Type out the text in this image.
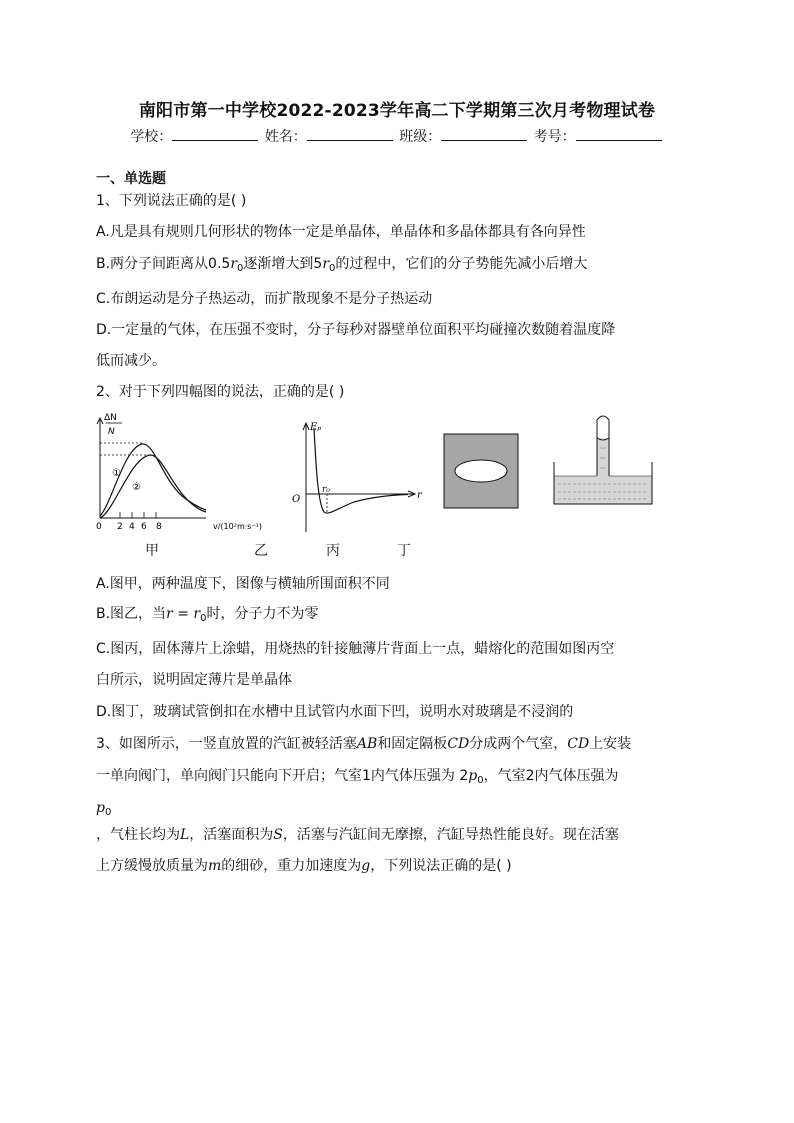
南阳市第一中学校2022-2023学年高二下学期第三次月考物理试卷
学校：	姓名：	班级：	考号：
一、单选题
1、下列说法正确的是( )
A.凡是具有规则几何形状的物体一定是单晶体，单晶体和多晶体都具有各向异性
B.两分子间距离从$0.5r_0$逐渐增大到$5r_0$的过程中，它们的分子势能先减小后增大
C.布朗运动是分子热运动，而扩散现象不是分子热运动
D.一定量的气体，在压强不变时，分子每秒对器壁单位面积平均碰撞次数随着温度降
低而减少。
2、对于下列四幅图的说法，正确的是( )
ΔN
N
①
②
0 2 4 6 8	v/(10²m·s⁻¹)
Eₚ
O
r₀	r
甲	乙	丙	丁
A.图甲，两种温度下，图像与横轴所围面积不同
B.图乙，当$r = r_0$时，分子力不为零
C.图丙，固体薄片上涂蜡，用烧热的针接触薄片背面上一点，蜡熔化的范围如图丙空
白所示，说明固定薄片是单晶体
D.图丁，玻璃试管倒扣在水槽中且试管内水面下凹，说明水对玻璃是不浸润的
3、如图所示，一竖直放置的汽缸被轻活塞AB和固定隔板CD分成两个气室，CD上安装
一单向阀门，单向阀门只能向下开启；气室1内气体压强为 $2p_0$，气室2内气体压强为
$p_0$
，气柱长均为L，活塞面积为S，活塞与汽缸间无摩擦，汽缸导热性能良好。现在活塞
上方缓慢放质量为m的细砂，重力加速度为g，下列说法正确的是( )
